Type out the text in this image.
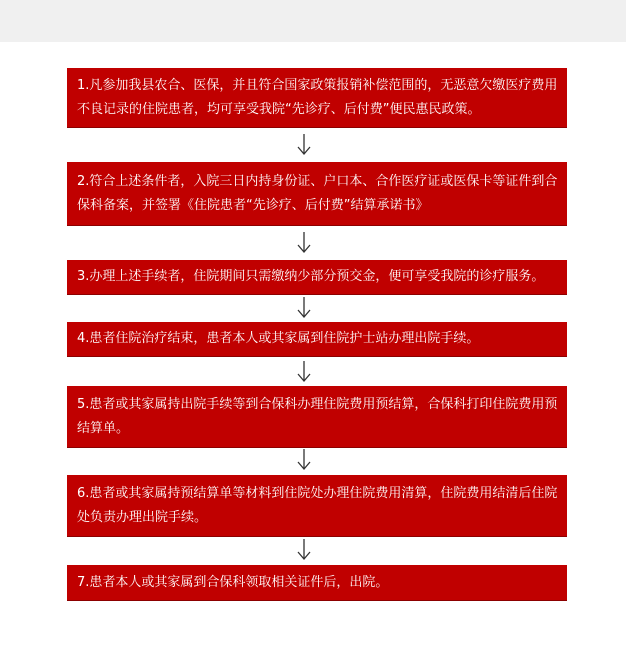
1.凡参加我县农合、医保，并且符合国家政策报销补偿范围的，无恶意欠缴医疗费用不良记录的住院患者，均可享受我院“先诊疗、后付费”便民惠民政策。
2.符合上述条件者，入院三日内持身份证、户口本、合作医疗证或医保卡等证件到合保科备案，并签署《住院患者“先诊疗、后付费”结算承诺书》
3.办理上述手续者，住院期间只需缴纳少部分预交金，便可享受我院的诊疗服务。
4.患者住院治疗结束，患者本人或其家属到住院护士站办理出院手续。
5.患者或其家属持出院手续等到合保科办理住院费用预结算，合保科打印住院费用预结算单。
6.患者或其家属持预结算单等材料到住院处办理住院费用清算，住院费用结清后住院处负责办理出院手续。
7.患者本人或其家属到合保科领取相关证件后，出院。
